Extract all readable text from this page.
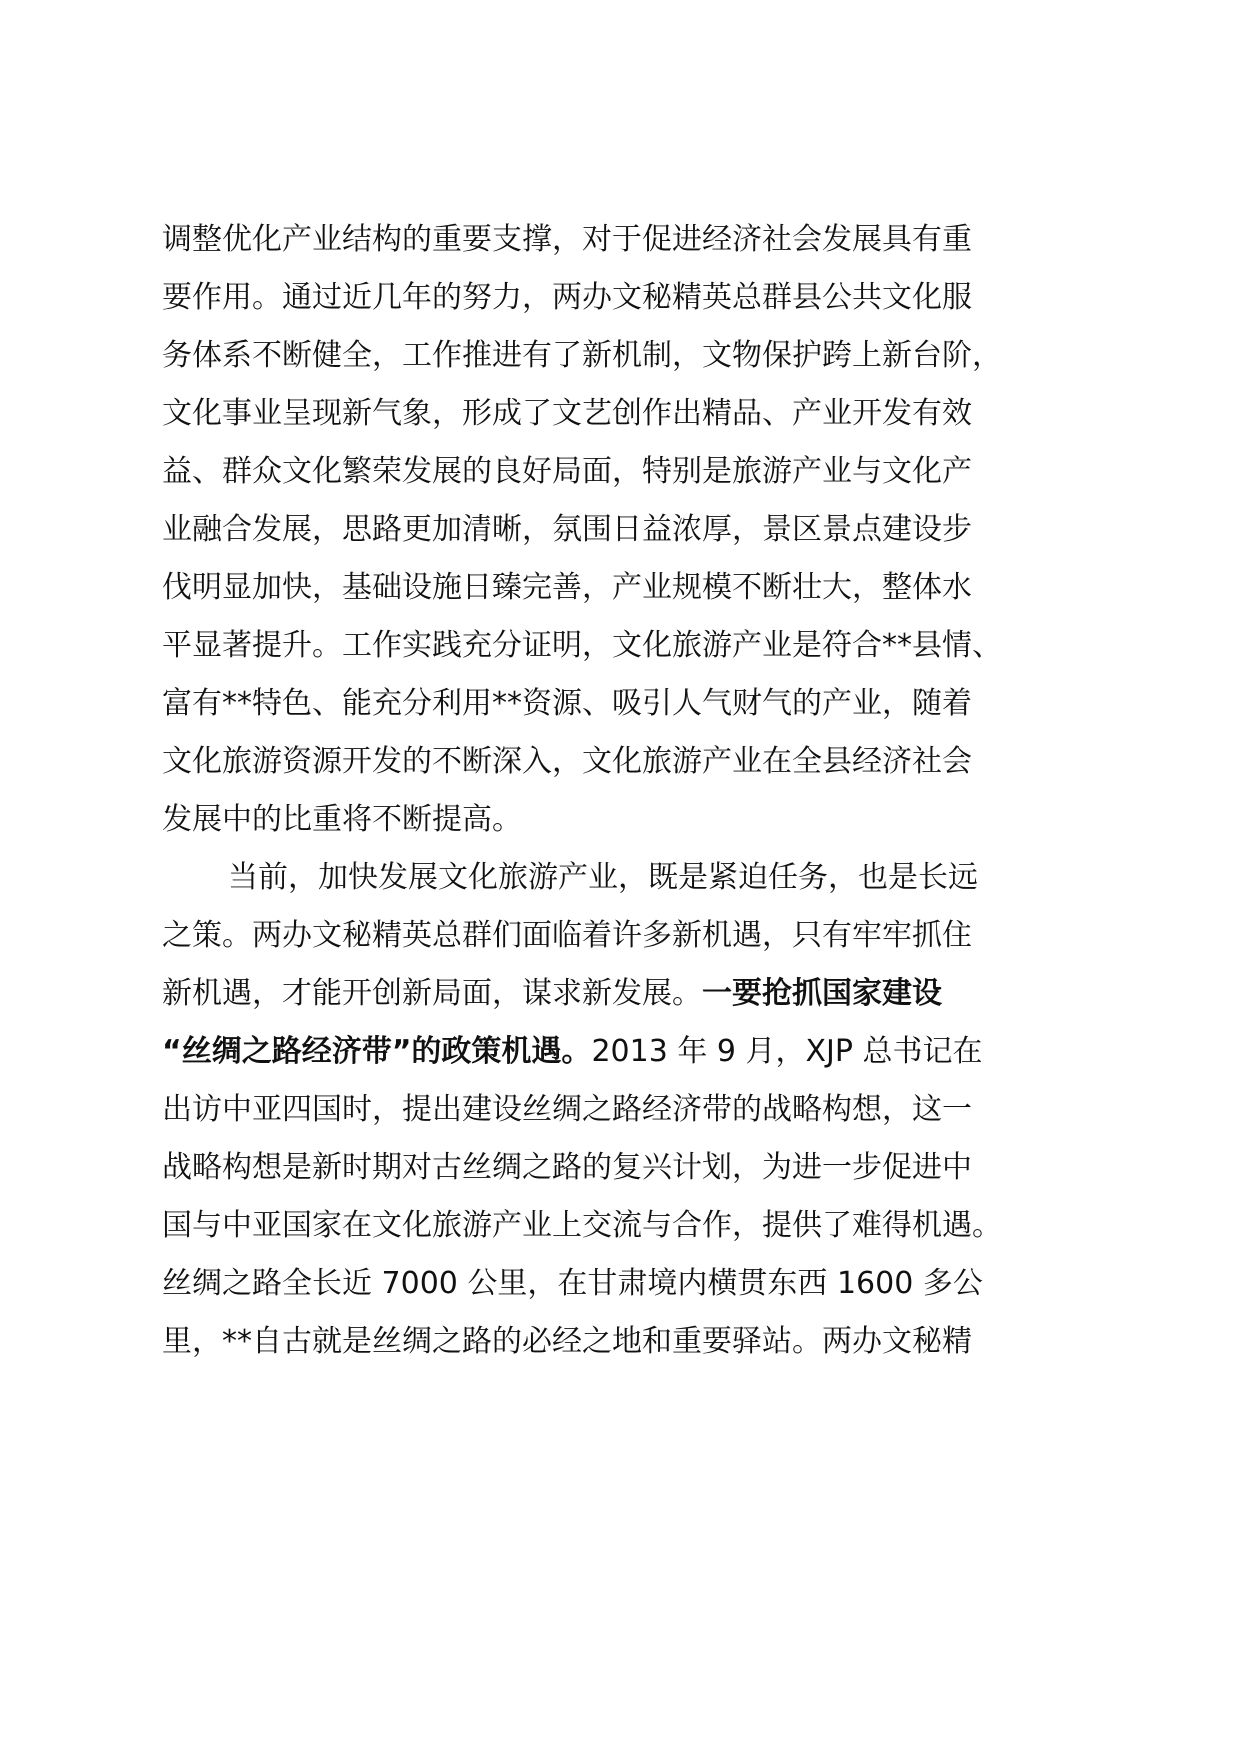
调整优化产业结构的重要支撑，对于促进经济社会发展具有重
要作用。通过近几年的努力，两办文秘精英总群县公共文化服
务体系不断健全，工作推进有了新机制，文物保护跨上新台阶，
文化事业呈现新气象，形成了文艺创作出精品、产业开发有效
益、群众文化繁荣发展的良好局面，特别是旅游产业与文化产
业融合发展，思路更加清晰，氛围日益浓厚，景区景点建设步
伐明显加快，基础设施日臻完善，产业规模不断壮大，整体水
平显著提升。工作实践充分证明，文化旅游产业是符合**县情、
富有**特色、能充分利用**资源、吸引人气财气的产业，随着
文化旅游资源开发的不断深入，文化旅游产业在全县经济社会
发展中的比重将不断提高。
当前，加快发展文化旅游产业，既是紧迫任务，也是长远
之策。两办文秘精英总群们面临着许多新机遇，只有牢牢抓住
新机遇，才能开创新局面，谋求新发展。一要抢抓国家建设
“丝绸之路经济带”的政策机遇。2013 年 9 月，XJP 总书记在
出访中亚四国时，提出建设丝绸之路经济带的战略构想，这一
战略构想是新时期对古丝绸之路的复兴计划，为进一步促进中
国与中亚国家在文化旅游产业上交流与合作，提供了难得机遇。
丝绸之路全长近 7000 公里，在甘肃境内横贯东西 1600 多公
里，**自古就是丝绸之路的必经之地和重要驿站。两办文秘精
